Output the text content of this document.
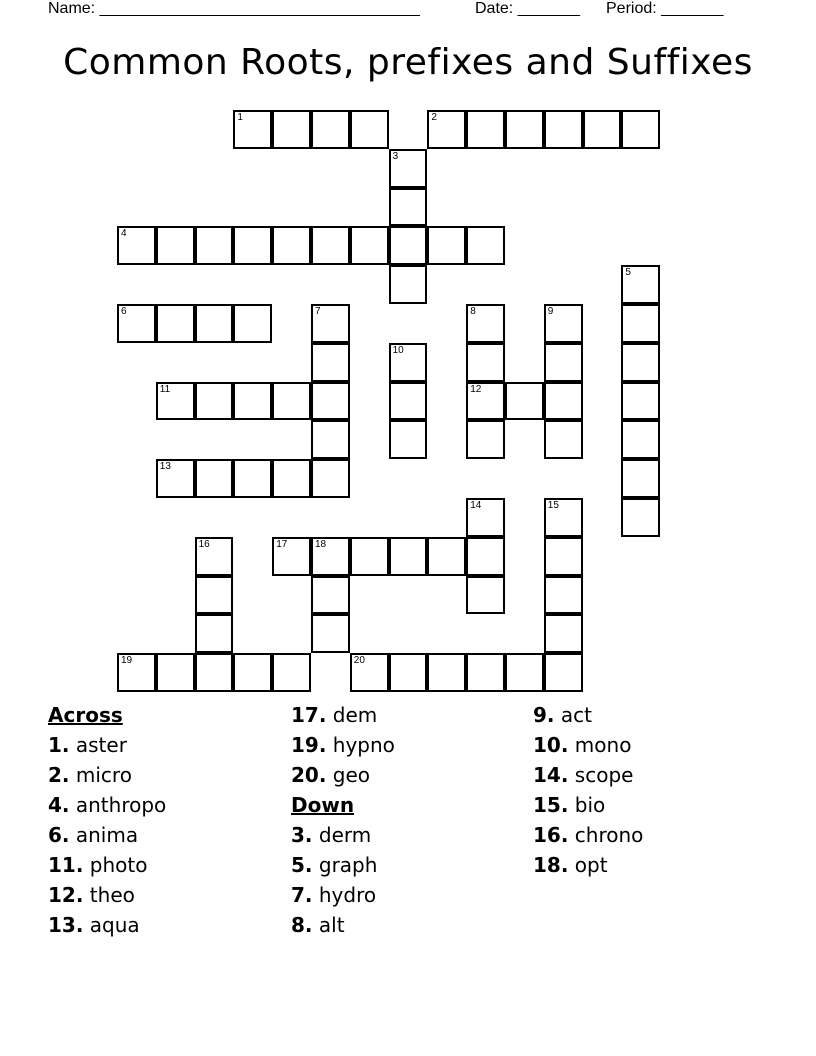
Name: ____________________________________	Date: _______ Period: _______
Common Roots, prefixes and Suffixes
1	2
3
4
5
6	7	8	9
10
11	12
13
14	15
16	17	18
19	20
Across
1. aster
2. micro
4. anthropo
6. anima
11. photo
12. theo
13. aqua
17. dem
19. hypno
20. geo
Down
3. derm
5. graph
7. hydro
8. alt
9. act
10. mono
14. scope
15. bio
16. chrono
18. opt
